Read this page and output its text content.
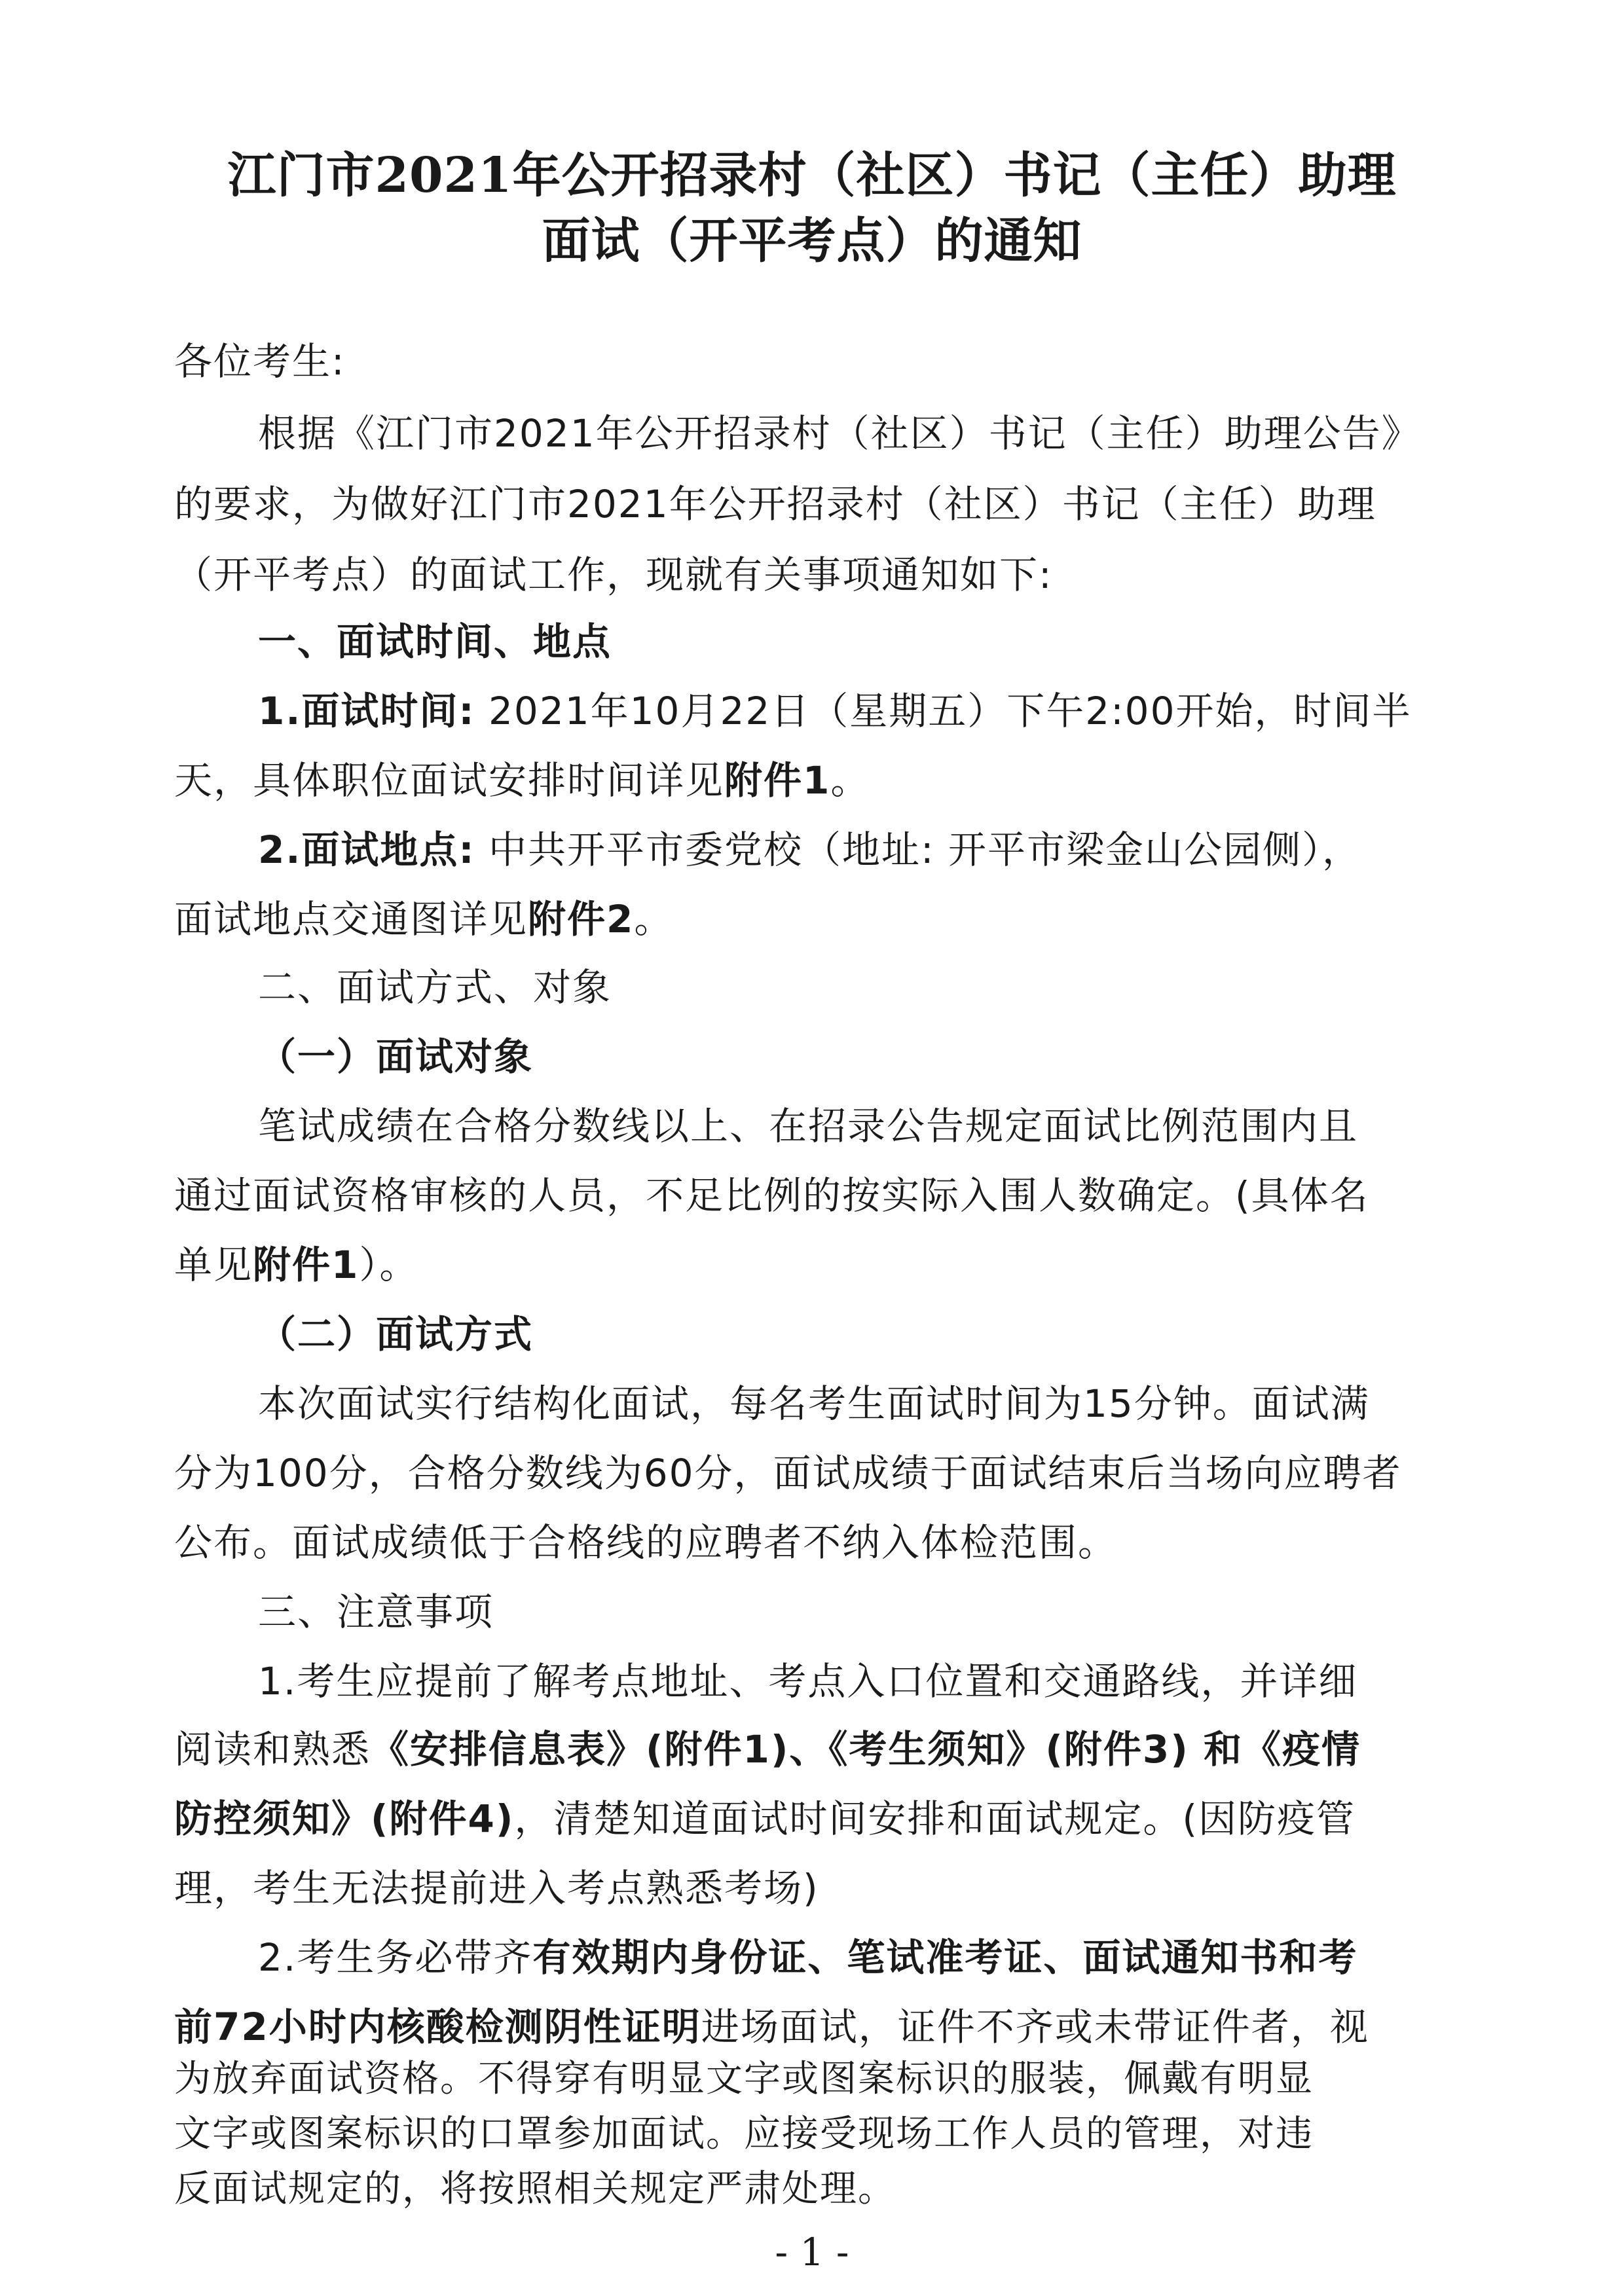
江门市2021年公开招录村（社区）书记（主任）助理
面试（开平考点）的通知
各位考生:
根据《江门市2021年公开招录村（社区）书记（主任）助理公告》
的要求，为做好江门市2021年公开招录村（社区）书记（主任）助理
（开平考点）的面试工作，现就有关事项通知如下:
一、面试时间、地点
1.面试时间: 2021年10月22日（星期五）下午2:00开始，时间半
天，具体职位面试安排时间详见附件1。
2.面试地点: 中共开平市委党校（地址: 开平市梁金山公园侧），
面试地点交通图详见附件2。
二、面试方式、对象
（一）面试对象
笔试成绩在合格分数线以上、在招录公告规定面试比例范围内且
通过面试资格审核的人员，不足比例的按实际入围人数确定。(具体名
单见附件1）。
（二）面试方式
本次面试实行结构化面试，每名考生面试时间为15分钟。面试满
分为100分，合格分数线为60分，面试成绩于面试结束后当场向应聘者
公布。面试成绩低于合格线的应聘者不纳入体检范围。
三、注意事项
1.考生应提前了解考点地址、考点入口位置和交通路线，并详细
阅读和熟悉《安排信息表》(附件1)、《考生须知》(附件3) 和《疫情
防控须知》(附件4)，清楚知道面试时间安排和面试规定。(因防疫管
理，考生无法提前进入考点熟悉考场)
2.考生务必带齐有效期内身份证、笔试准考证、面试通知书和考
前72小时内核酸检测阴性证明进场面试，证件不齐或未带证件者，视
- 1 -
为放弃面试资格。不得穿有明显文字或图案标识的服装，佩戴有明显
文字或图案标识的口罩参加面试。应接受现场工作人员的管理，对违
反面试规定的，将按照相关规定严肃处理。
